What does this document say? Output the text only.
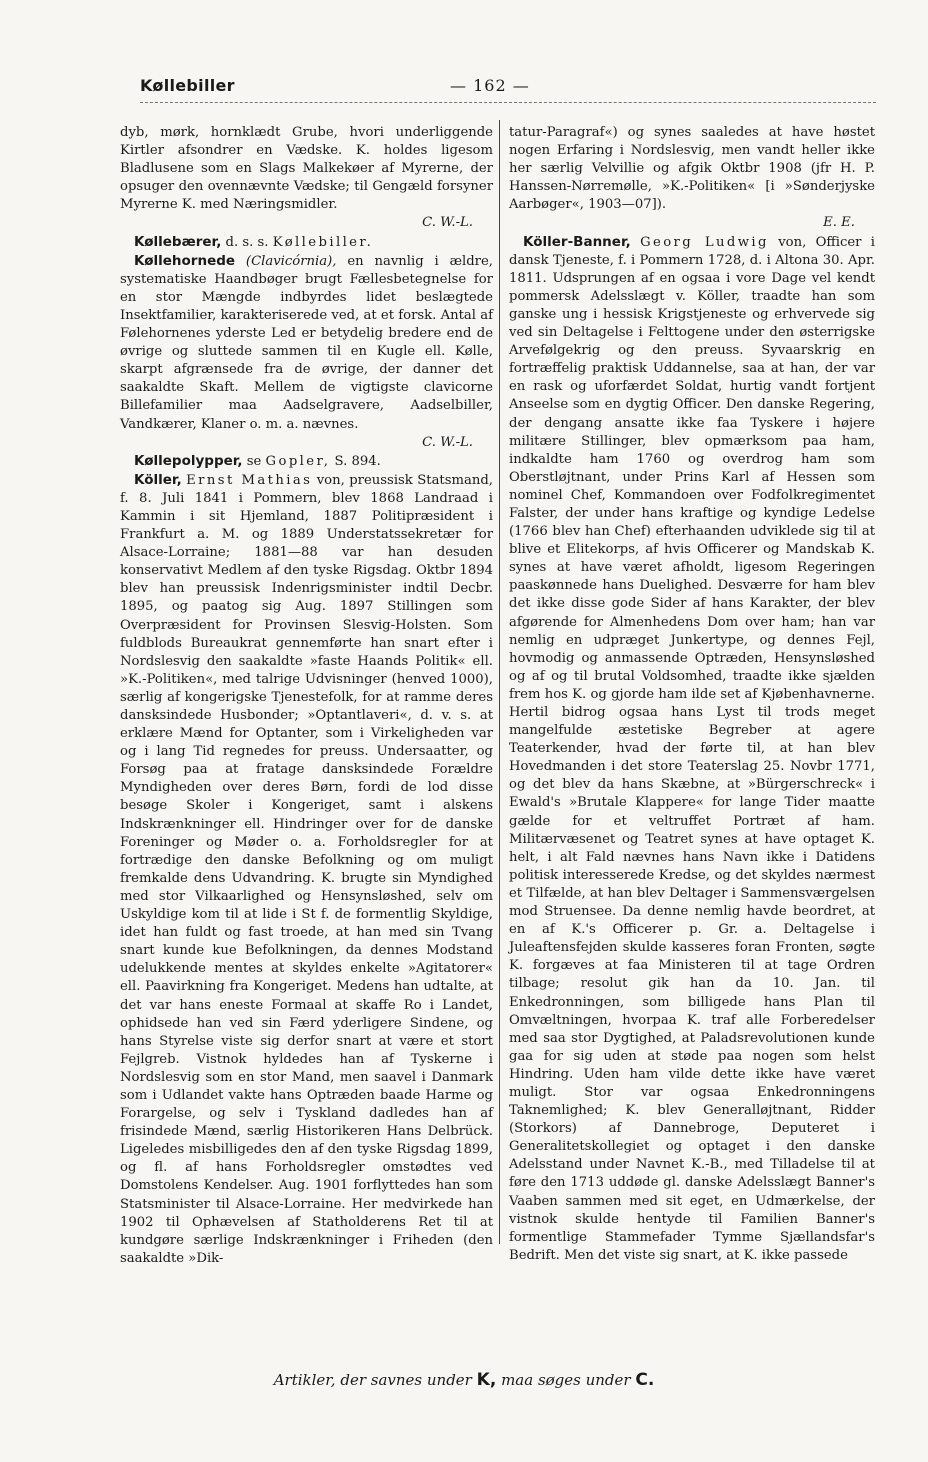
Køllebiller	— 162 —

dyb, mørk, hornklædt Grube, hvori underliggende Kirtler afsondrer en Vædske. K. holdes ligesom Bladlusene som en Slags Malkekøer af Myrerne, der opsuger den ovennævnte Vædske; til Gengæld forsyner Myrerne K. med Næringsmidler.

C. W.-L.

Køllebærer, d. s. s. Køllebiller.

Køllehornede (Clavicórnia), en navnlig i ældre, systematiske Haandbøger brugt Fællesbetegnelse for en stor Mængde indbyrdes lidet beslægtede Insektfamilier, karakteriserede ved, at et forsk. Antal af Følehornenes yderste Led er betydelig bredere end de øvrige og sluttede sammen til en Kugle ell. Kølle, skarpt afgrænsede fra de øvrige, der danner det saakaldte Skaft. Mellem de vigtigste clavicorne Billefamilier maa Aadselgravere, Aadselbiller, Vandkærer, Klaner o. m. a. nævnes.

C. W.-L.

Køllepolypper, se Gopler, S. 894.

Köller, Ernst Mathias von, preussisk Statsmand, f. 8. Juli 1841 i Pommern, blev 1868 Landraad i Kammin i sit Hjemland, 1887 Politipræsident i Frankfurt a. M. og 1889 Understatssekretær for Alsace-Lorraine; 1881—88 var han desuden konservativt Medlem af den tyske Rigsdag. Oktbr 1894 blev han preussisk Indenrigsminister indtil Decbr. 1895, og paatog sig Aug. 1897 Stillingen som Overpræsident for Provinsen Slesvig-Holsten. Som fuldblods Bureaukrat gennemførte han snart efter i Nordslesvig den saakaldte »faste Haands Politik« ell. »K.-Politiken«, med talrige Udvisninger (henved 1000), særlig af kongerigske Tjenestefolk, for at ramme deres dansksindede Husbonder; »Optantlaveri«, d. v. s. at erklære Mænd for Optanter, som i Virkeligheden var og i lang Tid regnedes for preuss. Undersaatter, og Forsøg paa at fratage dansksindede Forældre Myndigheden over deres Børn, fordi de lod disse besøge Skoler i Kongeriget, samt i alskens Indskrænkninger ell. Hindringer over for de danske Foreninger og Møder o. a. Forholdsregler for at fortrædige den danske Befolkning og om muligt fremkalde dens Udvandring. K. brugte sin Myndighed med stor Vilkaarlighed og Hensynsløshed, selv om Uskyldige kom til at lide i St f. de formentlig Skyldige, idet han fuldt og fast troede, at han med sin Tvang snart kunde kue Befolkningen, da dennes Modstand udelukkende mentes at skyldes enkelte »Agitatorer« ell. Paavirkning fra Kongeriget. Medens han udtalte, at det var hans eneste Formaal at skaffe Ro i Landet, ophidsede han ved sin Færd yderligere Sindene, og hans Styrelse viste sig derfor snart at være et stort Fejlgreb. Vistnok hyldedes han af Tyskerne i Nordslesvig som en stor Mand, men saavel i Danmark som i Udlandet vakte hans Optræden baade Harme og Forargelse, og selv i Tyskland dadledes han af frisindede Mænd, særlig Historikeren Hans Delbrück. Ligeledes misbilligedes den af den tyske Rigsdag 1899, og fl. af hans Forholdsregler omstødtes ved Domstolens Kendelser. Aug. 1901 forflyttedes han som Statsminister til Alsace-Lorraine. Her medvirkede han 1902 til Ophævelsen af Statholderens Ret til at kundgøre særlige Indskrænkninger i Friheden (den saakaldte »Dik-

tatur-Paragraf«) og synes saaledes at have høstet nogen Erfaring i Nordslesvig, men vandt heller ikke her særlig Velvillie og afgik Oktbr 1908 (jfr H. P. Hanssen-Nørremølle, »K.-Politiken« [i »Sønderjyske Aarbøger«, 1903—07]).

E. E.

Köller-Banner, Georg Ludwig von, Officer i dansk Tjeneste, f. i Pommern 1728, d. i Altona 30. Apr. 1811. Udsprungen af en ogsaa i vore Dage vel kendt pommersk Adelsslægt v. Köller, traadte han som ganske ung i hessisk Krigstjeneste og erhvervede sig ved sin Deltagelse i Felttogene under den østerrigske Arvefølgekrig og den preuss. Syvaarskrig en fortræffelig praktisk Uddannelse, saa at han, der var en rask og uforfærdet Soldat, hurtig vandt fortjent Anseelse som en dygtig Officer. Den danske Regering, der dengang ansatte ikke faa Tyskere i højere militære Stillinger, blev opmærksom paa ham, indkaldte ham 1760 og overdrog ham som Oberstløjtnant, under Prins Karl af Hessen som nominel Chef, Kommandoen over Fodfolkregimentet Falster, der under hans kraftige og kyndige Ledelse (1766 blev han Chef) efterhaanden udviklede sig til at blive et Elitekorps, af hvis Officerer og Mandskab K. synes at have været afholdt, ligesom Regeringen paaskønnede hans Duelighed. Desværre for ham blev det ikke disse gode Sider af hans Karakter, der blev afgørende for Almenhedens Dom over ham; han var nemlig en udpræget Junkertype, og dennes Fejl, hovmodig og anmassende Optræden, Hensynsløshed og af og til brutal Voldsomhed, traadte ikke sjælden frem hos K. og gjorde ham ilde set af Kjøbenhavnerne. Hertil bidrog ogsaa hans Lyst til trods meget mangelfulde æstetiske Begreber at agere Teaterkender, hvad der førte til, at han blev Hovedmanden i det store Teaterslag 25. Novbr 1771, og det blev da hans Skæbne, at »Bürgerschreck« i Ewald's »Brutale Klappere« for lange Tider maatte gælde for et veltruffet Portræt af ham. Militærvæsenet og Teatret synes at have optaget K. helt, i alt Fald nævnes hans Navn ikke i Datidens politisk interesserede Kredse, og det skyldes nærmest et Tilfælde, at han blev Deltager i Sammensværgelsen mod Struensee. Da denne nemlig havde beordret, at en af K.'s Officerer p. Gr. a. Deltagelse i Juleaftensfejden skulde kasseres foran Fronten, søgte K. forgæves at faa Ministeren til at tage Ordren tilbage; resolut gik han da 10. Jan. til Enkedronningen, som billigede hans Plan til Omvæltningen, hvorpaa K. traf alle Forberedelser med saa stor Dygtighed, at Paladsrevolutionen kunde gaa for sig uden at støde paa nogen som helst Hindring. Uden ham vilde dette ikke have været muligt. Stor var ogsaa Enkedronningens Taknemlighed; K. blev Generalløjtnant, Ridder (Storkors) af Dannebroge, Deputeret i Generalitetskollegiet og optaget i den danske Adelsstand under Navnet K.-B., med Tilladelse til at føre den 1713 uddøde gl. danske Adelsslægt Banner's Vaaben sammen med sit eget, en Udmærkelse, der vistnok skulde hentyde til Familien Banner's formentlige Stammefader Tymme Sjællandsfar's Bedrift. Men det viste sig snart, at K. ikke passede

Artikler, der savnes under K, maa søges under C.
